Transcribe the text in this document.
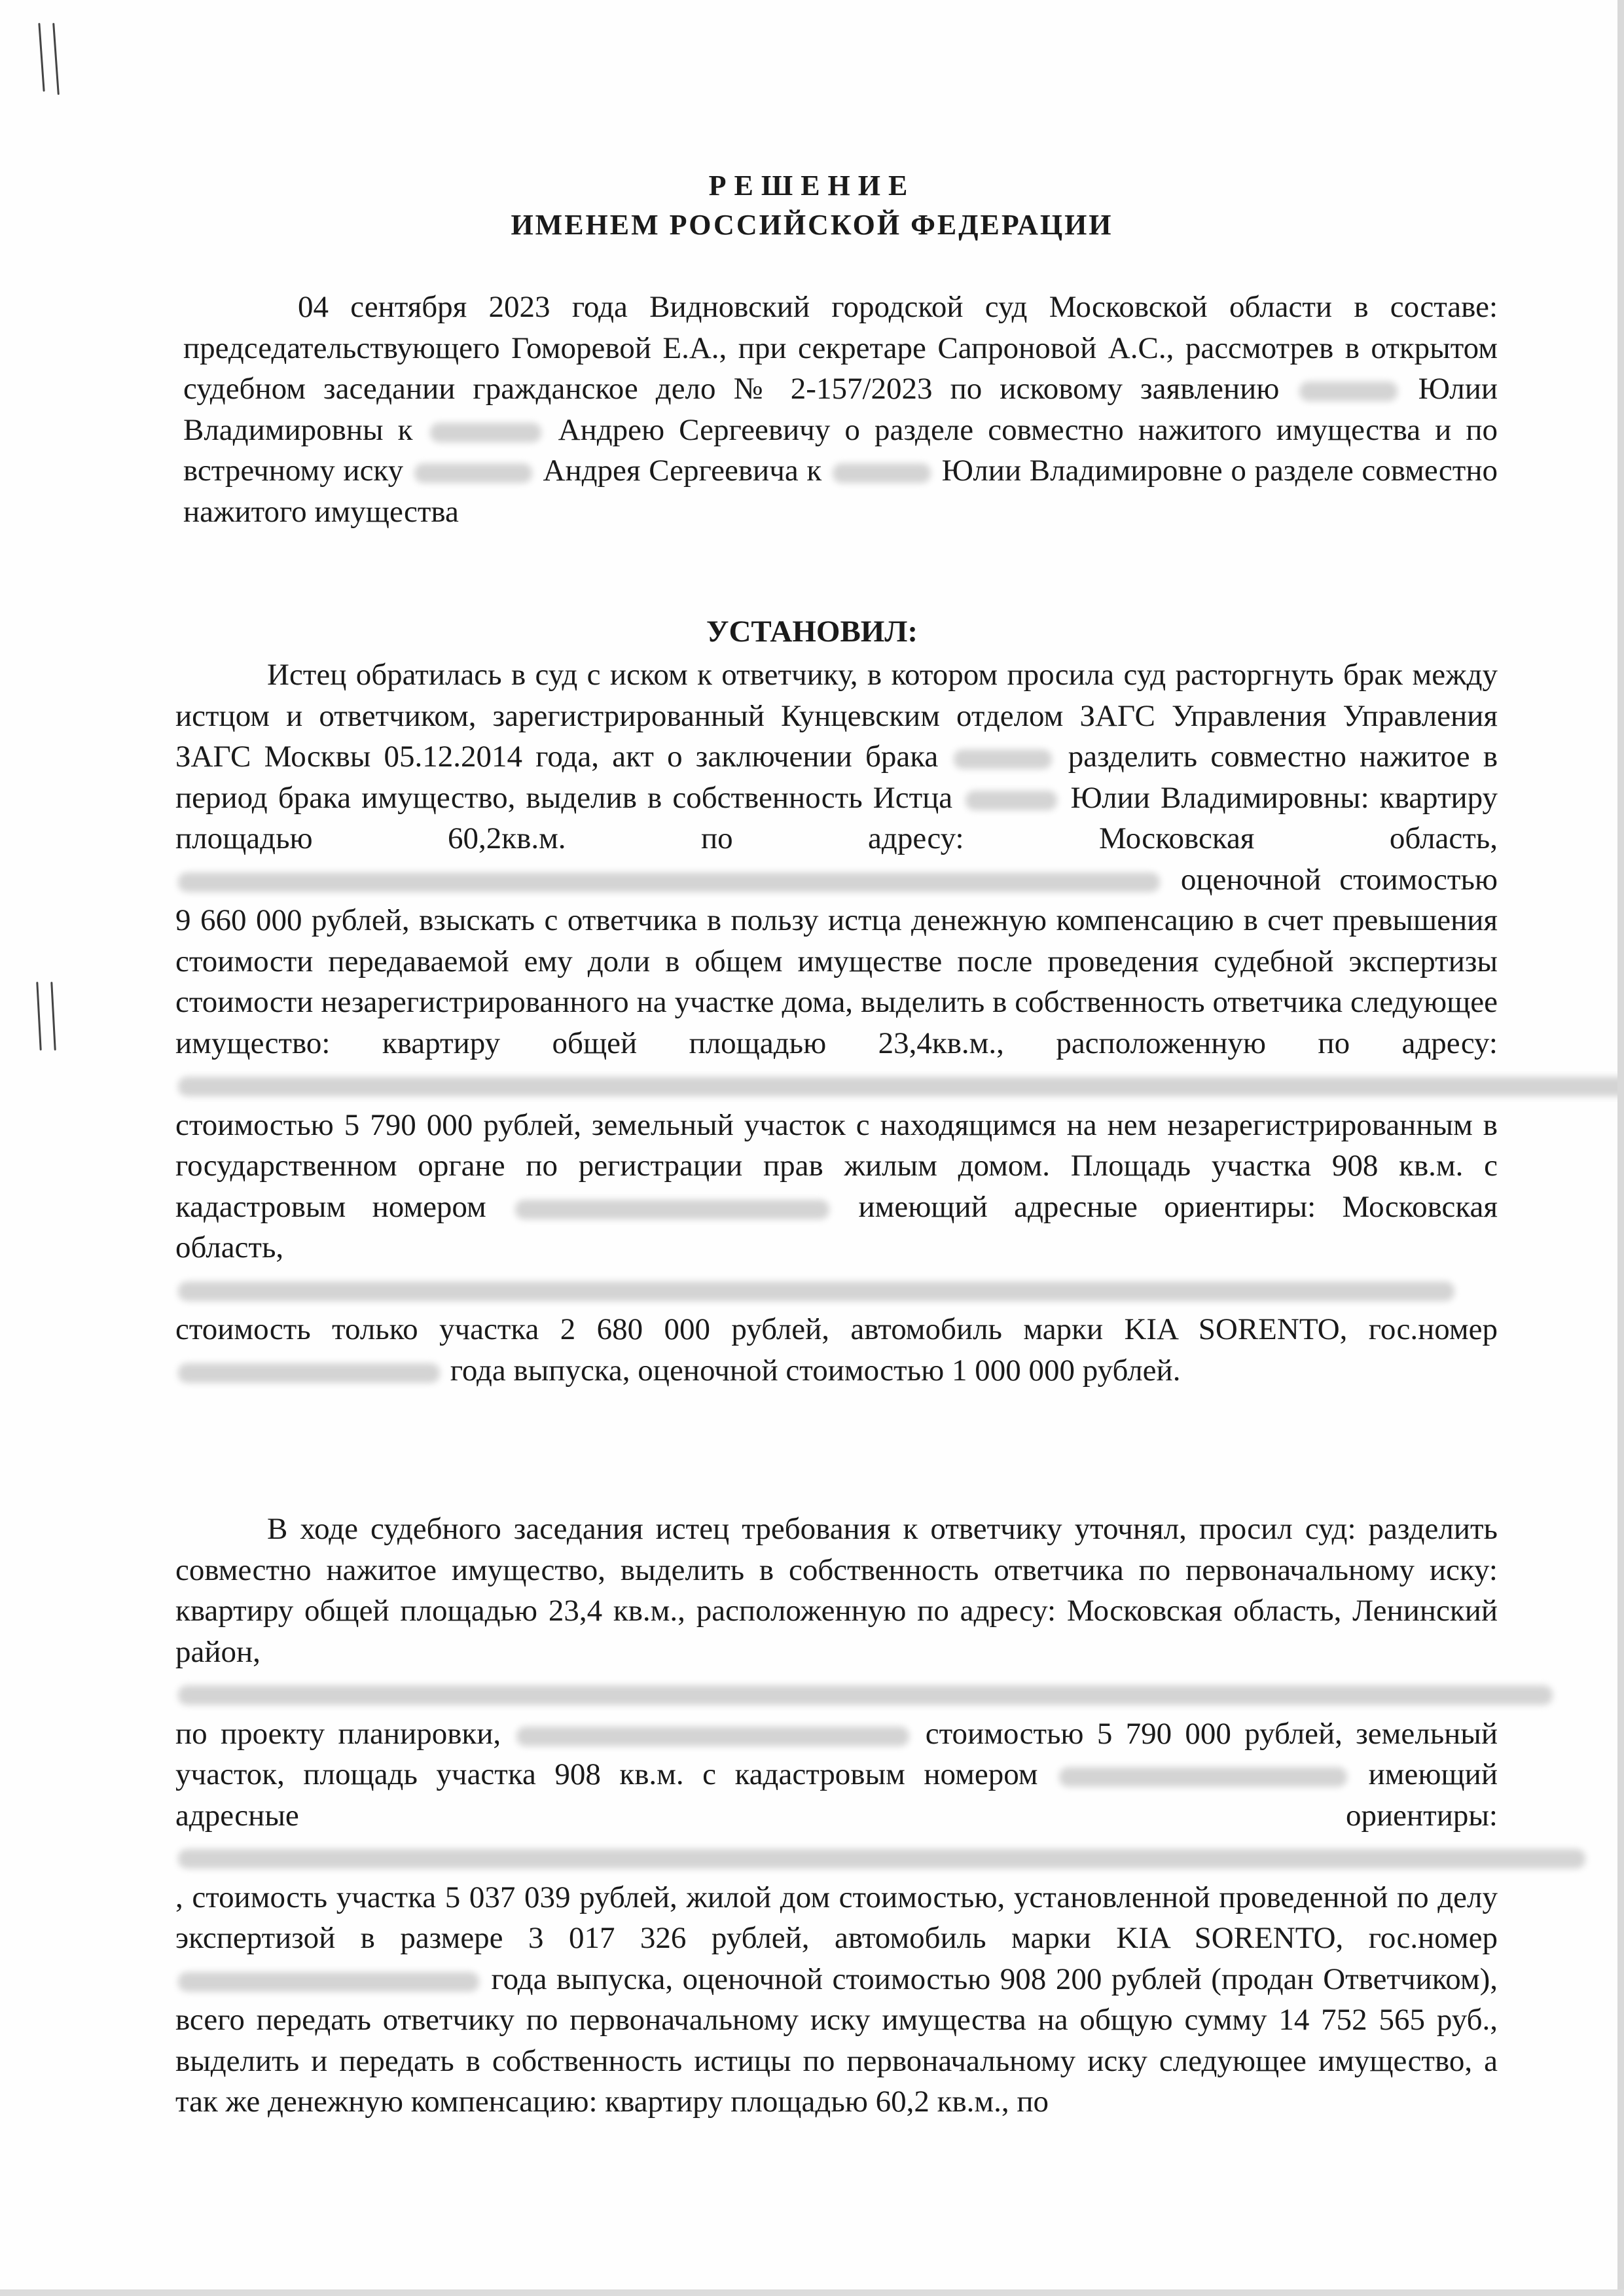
РЕШЕНИЕ
ИМЕНЕМ РОССИЙСКОЙ ФЕДЕРАЦИИ

04 сентября 2023 года Видновский городской суд Московской области в составе: председательствующего Гоморевой Е.А., при секретаре Сапроновой А.С., рассмотрев в открытом судебном заседании гражданское дело № 2-157/2023 по исковому заявлению	Юлии Владимировны к	Андрею Сергеевичу о разделе совместно нажитого имущества и по встречному иску	Андрея Сергеевича к	Юлии Владимировне о разделе совместно нажитого имущества

УСТАНОВИЛ:

Истец обратилась в суд с иском к ответчику, в котором просила суд расторгнуть брак между истцом и ответчиком, зарегистрированный Кунцевским отделом ЗАГС Управления Управления ЗАГС Москвы 05.12.2014 года, акт о заключении брака	разделить совместно нажитое в период брака имущество, выделив в собственность Истца	Юлии Владимировны: квартиру площадью 60,2кв.м. по адресу: Московская область,  оценочной стоимостью 9 660 000 рублей, взыскать с ответчика в пользу истца денежную компенсацию в счет превышения стоимости передаваемой ему доли в общем имуществе после проведения судебной экспертизы стоимости незарегистрированного на участке дома, выделить в собственность ответчика следующее имущество: квартиру общей площадью 23,4кв.м., расположенную по адресу:  стоимостью 5 790 000 рублей, земельный участок с находящимся на нем незарегистрированным в государственном органе по регистрации прав жилым домом. Площадь участка 908 кв.м. с кадастровым номером	имеющий адресные ориентиры: Московская область,  стоимость только участка 2 680 000 рублей, автомобиль марки KIA SORENTO, гос.номер  года выпуска, оценочной стоимостью 1 000 000 рублей.

В ходе судебного заседания истец требования к ответчику уточнял, просил суд: разделить совместно нажитое имущество, выделить в собственность ответчика по первоначальному иску: квартиру общей площадью 23,4 кв.м., расположенную по адресу: Московская область, Ленинский район,  по проекту планировки,	стоимостью 5 790 000 рублей, земельный участок, площадь участка 908 кв.м. с кадастровым номером	имеющий адресные ориентиры:  , стоимость участка 5 037 039 рублей, жилой дом стоимостью, установленной проведенной по делу экспертизой в размере 3 017 326 рублей, автомобиль марки KIA SORENTO, гос.номер  года выпуска, оценочной стоимостью 908 200 рублей (продан Ответчиком), всего передать ответчику по первоначальному иску имущества на общую сумму 14 752 565 руб., выделить и передать в собственность истицы по первоначальному иску следующее имущество, а так же денежную компенсацию: квартиру площадью 60,2 кв.м., по
